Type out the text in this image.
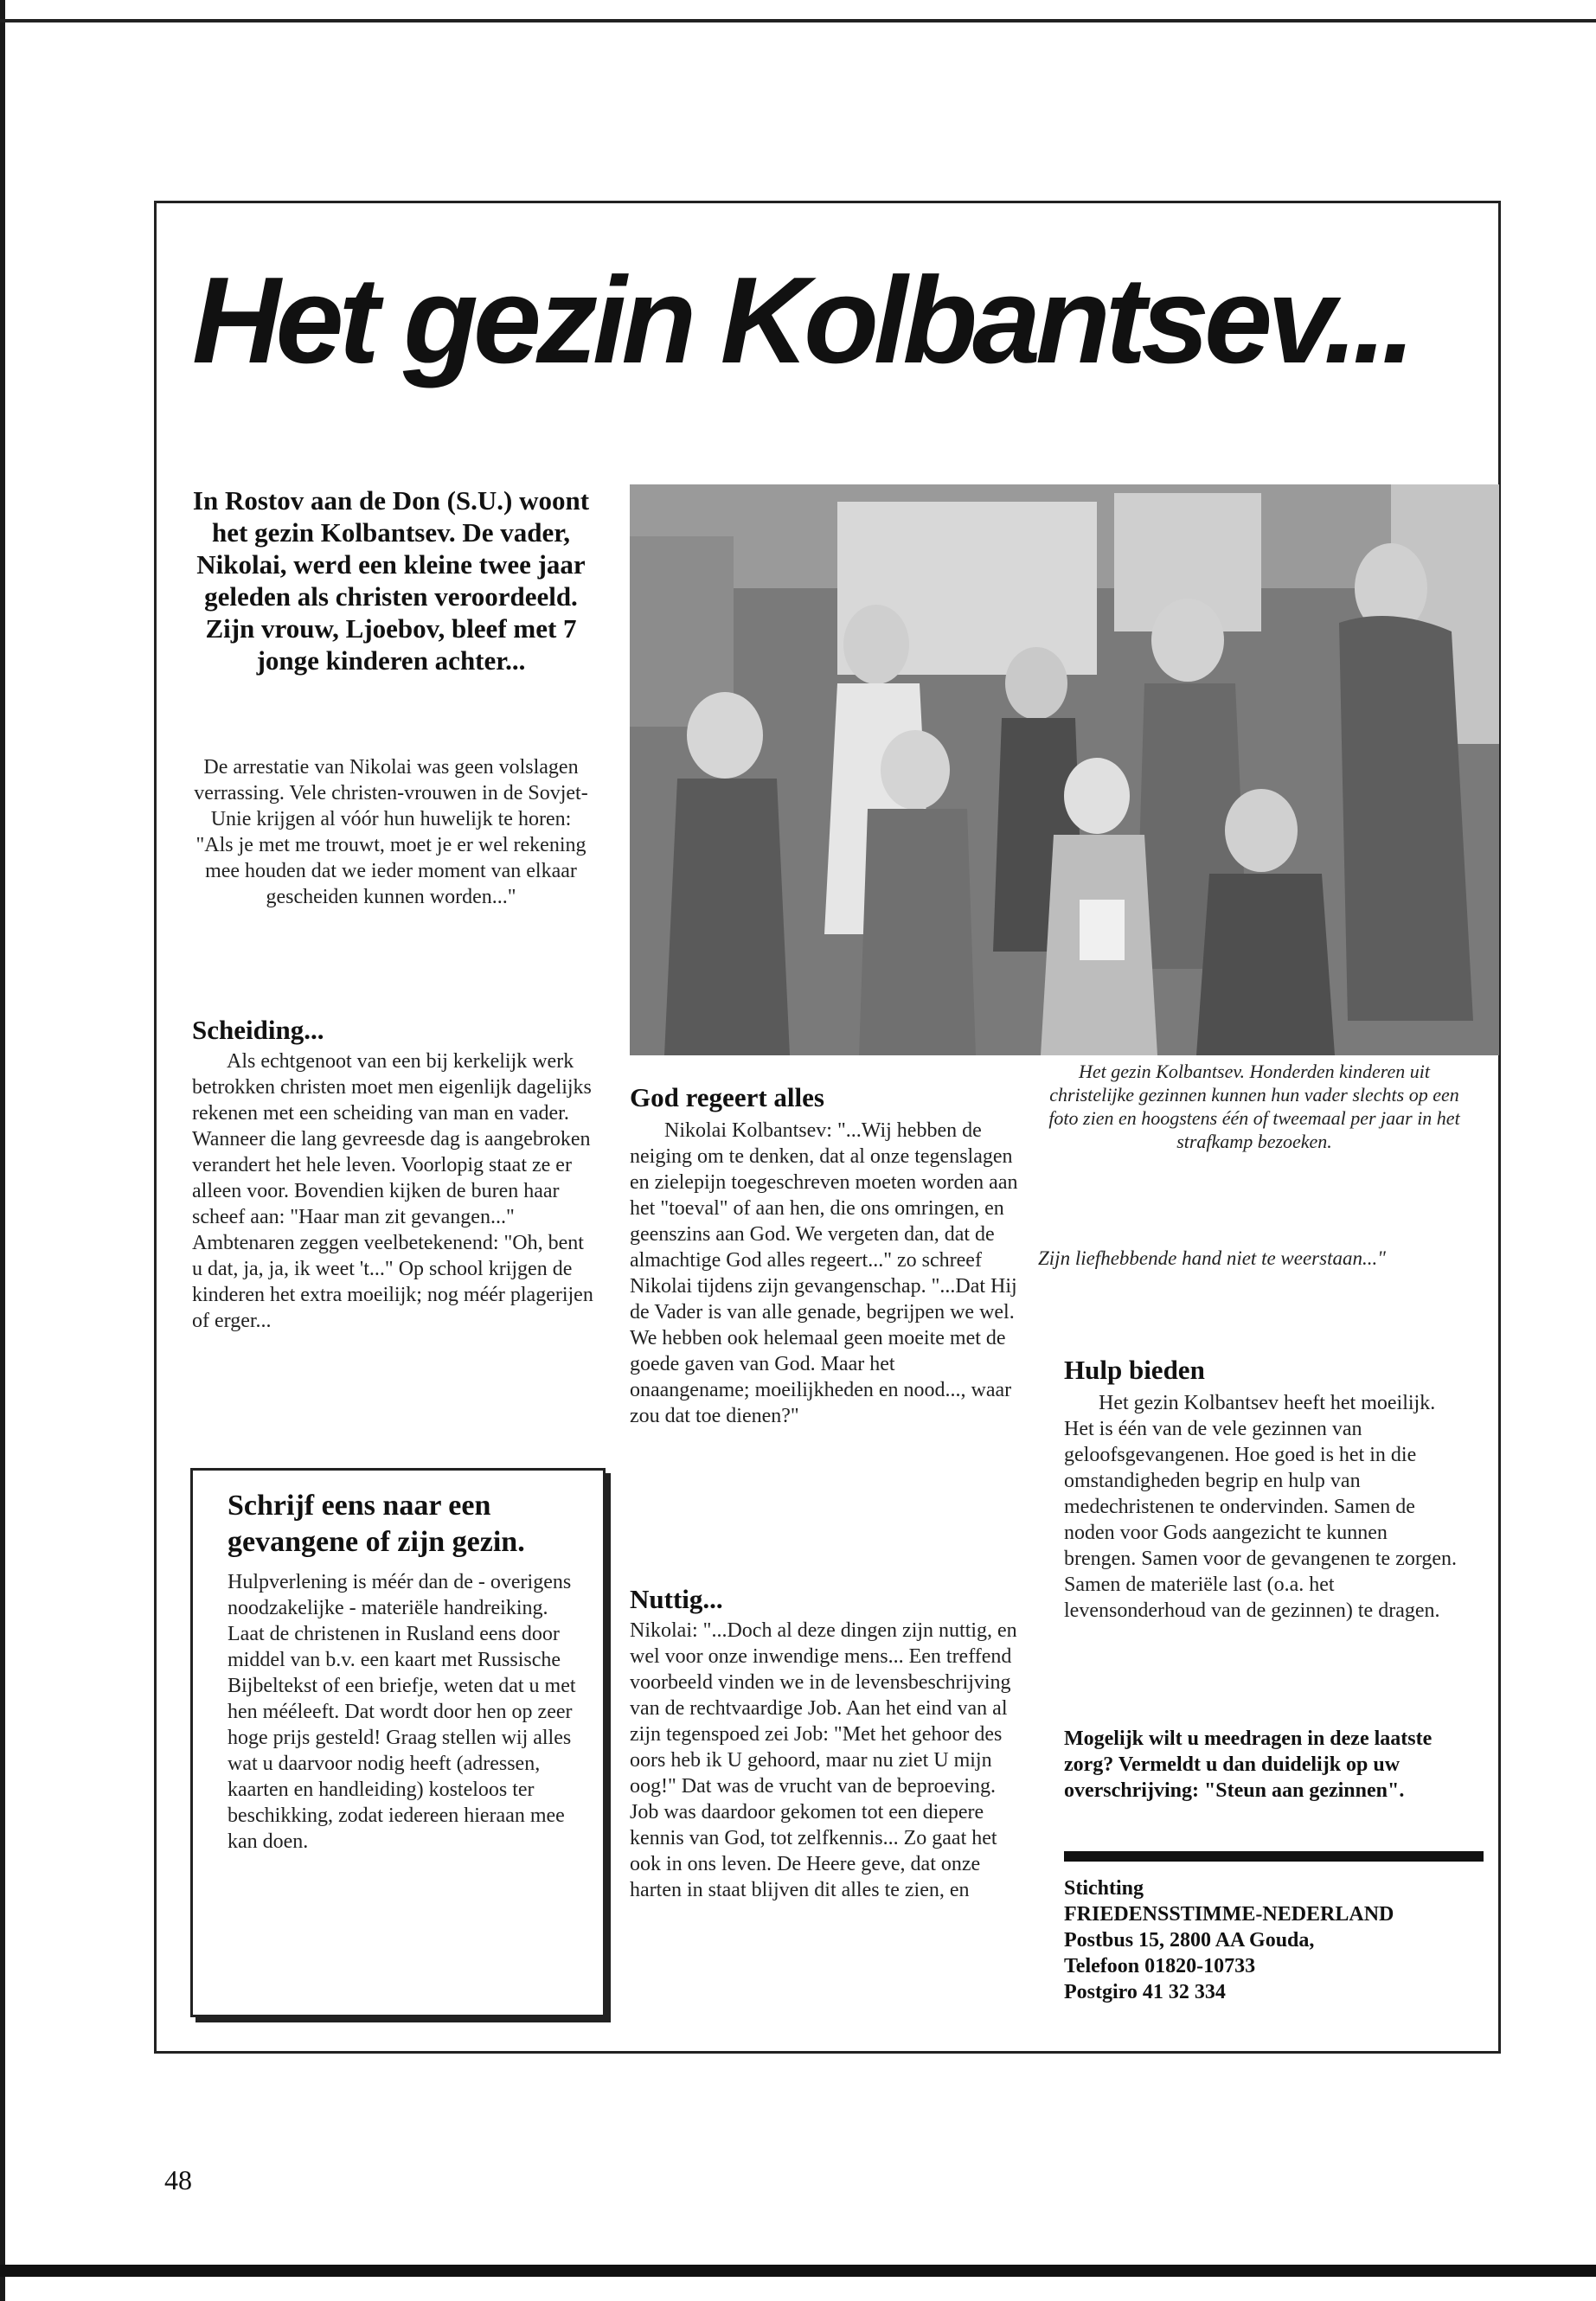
Het gezin Kolbantsev...

In Rostov aan de Don (S.U.) woont het gezin Kolbantsev. De vader, Nikolai, werd een kleine twee jaar geleden als christen veroordeeld. Zijn vrouw, Ljoebov, bleef met 7 jonge kinderen achter...

De arrestatie van Nikolai was geen volslagen verrassing. Vele christen-vrouwen in de Sovjet-Unie krijgen al vóór hun huwelijk te horen: "Als je met me trouwt, moet je er wel rekening mee houden dat we ieder moment van elkaar gescheiden kunnen worden..."

Scheiding...

Als echtgenoot van een bij kerkelijk werk betrokken christen moet men eigenlijk dagelijks rekenen met een scheiding van man en vader. Wanneer die lang gevreesde dag is aangebroken verandert het hele leven. Voorlopig staat ze er alleen voor. Bovendien kijken de buren haar scheef aan: "Haar man zit gevangen..." Ambtenaren zeggen veelbetekenend: "Oh, bent u dat, ja, ja, ik weet 't..." Op school krijgen de kinderen het extra moeilijk; nog méér plagerijen of erger...

Schrijf eens naar een gevangene of zijn gezin.

Hulpverlening is méér dan de - overigens noodzakelijke - materiële handreiking. Laat de christenen in Rusland eens door middel van b.v. een kaart met Russische Bijbeltekst of een briefje, weten dat u met hen mééleeft. Dat wordt door hen op zeer hoge prijs gesteld! Graag stellen wij alles wat u daarvoor nodig heeft (adressen, kaarten en handleiding) kosteloos ter beschikking, zodat iedereen hieraan mee kan doen.

Het gezin Kolbantsev. Honderden kinderen uit christelijke gezinnen kunnen hun vader slechts op een foto zien en hoogstens één of tweemaal per jaar in het strafkamp bezoeken.

God regeert alles

Nikolai Kolbantsev: "...Wij hebben de neiging om te denken, dat al onze tegenslagen en zielepijn toegeschreven moeten worden aan het "toeval" of aan hen, die ons omringen, en geenszins aan God. We vergeten dan, dat de almachtige God alles regeert..." zo schreef Nikolai tijdens zijn gevangenschap. "...Dat Hij de Vader is van alle genade, begrijpen we wel. We hebben ook helemaal geen moeite met de goede gaven van God. Maar het onaangename; moeilijkheden en nood..., waar zou dat toe dienen?"

Nuttig...

Nikolai: "...Doch al deze dingen zijn nuttig, en wel voor onze inwendige mens... Een treffend voorbeeld vinden we in de levensbeschrijving van de rechtvaardige Job. Aan het eind van al zijn tegenspoed zei Job: "Met het gehoor des oors heb ik U gehoord, maar nu ziet U mijn oog!" Dat was de vrucht van de beproeving. Job was daardoor gekomen tot een diepere kennis van God, tot zelfkennis... Zo gaat het ook in ons leven. De Heere geve, dat onze harten in staat blijven dit alles te zien, en

Zijn liefhebbende hand niet te weerstaan..."

Hulp bieden

Het gezin Kolbantsev heeft het moeilijk. Het is één van de vele gezinnen van geloofsgevangenen. Hoe goed is het in die omstandigheden begrip en hulp van medechristenen te ondervinden. Samen de noden voor Gods aangezicht te kunnen brengen. Samen voor de gevangenen te zorgen. Samen de materiële last (o.a. het levensonderhoud van de gezinnen) te dragen.

Mogelijk wilt u meedragen in deze laatste zorg? Vermeldt u dan duidelijk op uw overschrijving: "Steun aan gezinnen".

Stichting
FRIEDENSSTIMME-NEDERLAND
Postbus 15, 2800 AA Gouda,
Telefoon 01820-10733
Postgiro 41 32 334

48
